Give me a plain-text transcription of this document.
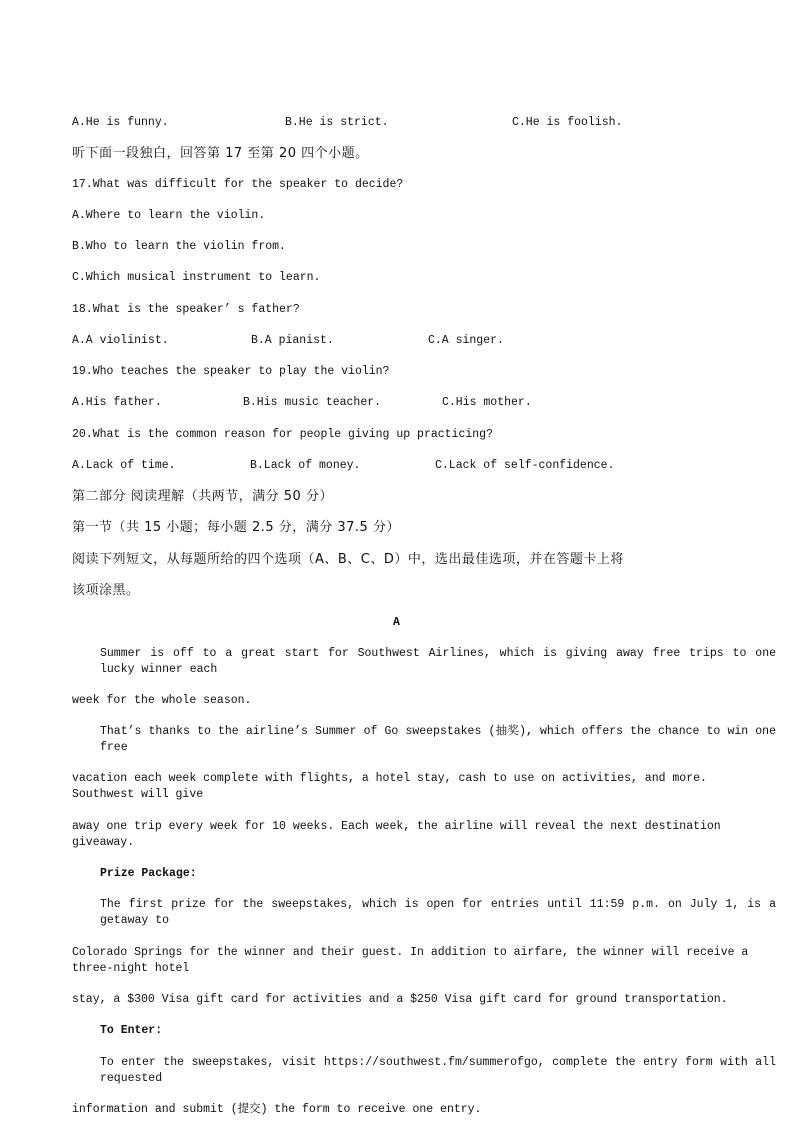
A.He is funny.	B.He is strict.	C.He is foolish.
听下面一段独白，回答第 17 至第 20 四个小题。
17.What was difficult for the speaker to decide?
A.Where to learn the violin.
B.Who to learn the violin from.
C.Which musical instrument to learn.
18.What is the speaker’ s father?
A.A violinist.	B.A pianist.	C.A singer.
19.Who teaches the speaker to play the violin?
A.His father.	B.His music teacher.	C.His mother.
20.What is the common reason for people giving up practicing?
A.Lack of time.	B.Lack of money.	C.Lack of self-confidence.
第二部分 阅读理解（共两节，满分 50 分）
第一节（共 15 小题；每小题 2.5 分，满分 37.5 分）
阅读下列短文，从每题所给的四个选项（A、B、C、D）中，选出最佳选项，并在答题卡上将
该项涂黑。
A
Summer is off to a great start for Southwest Airlines, which is giving away free trips to one lucky winner each
week for the whole season.
That’s thanks to the airline’s Summer of Go sweepstakes (抽奖), which offers the chance to win one free
vacation each week complete with flights, a hotel stay, cash to use on activities, and more. Southwest will give
away one trip every week for 10 weeks. Each week, the airline will reveal the next destination giveaway.
Prize Package:
The first prize for the sweepstakes, which is open for entries until 11:59 p.m. on July 1, is a getaway to
Colorado Springs for the winner and their guest. In addition to airfare, the winner will receive a three-night hotel
stay, a $300 Visa gift card for activities and a $250 Visa gift card for ground transportation.
To Enter:
To enter the sweepstakes, visit https://southwest.fm/summerofgo, complete the entry form with all requested
information and submit (提交) the form to receive one entry.
